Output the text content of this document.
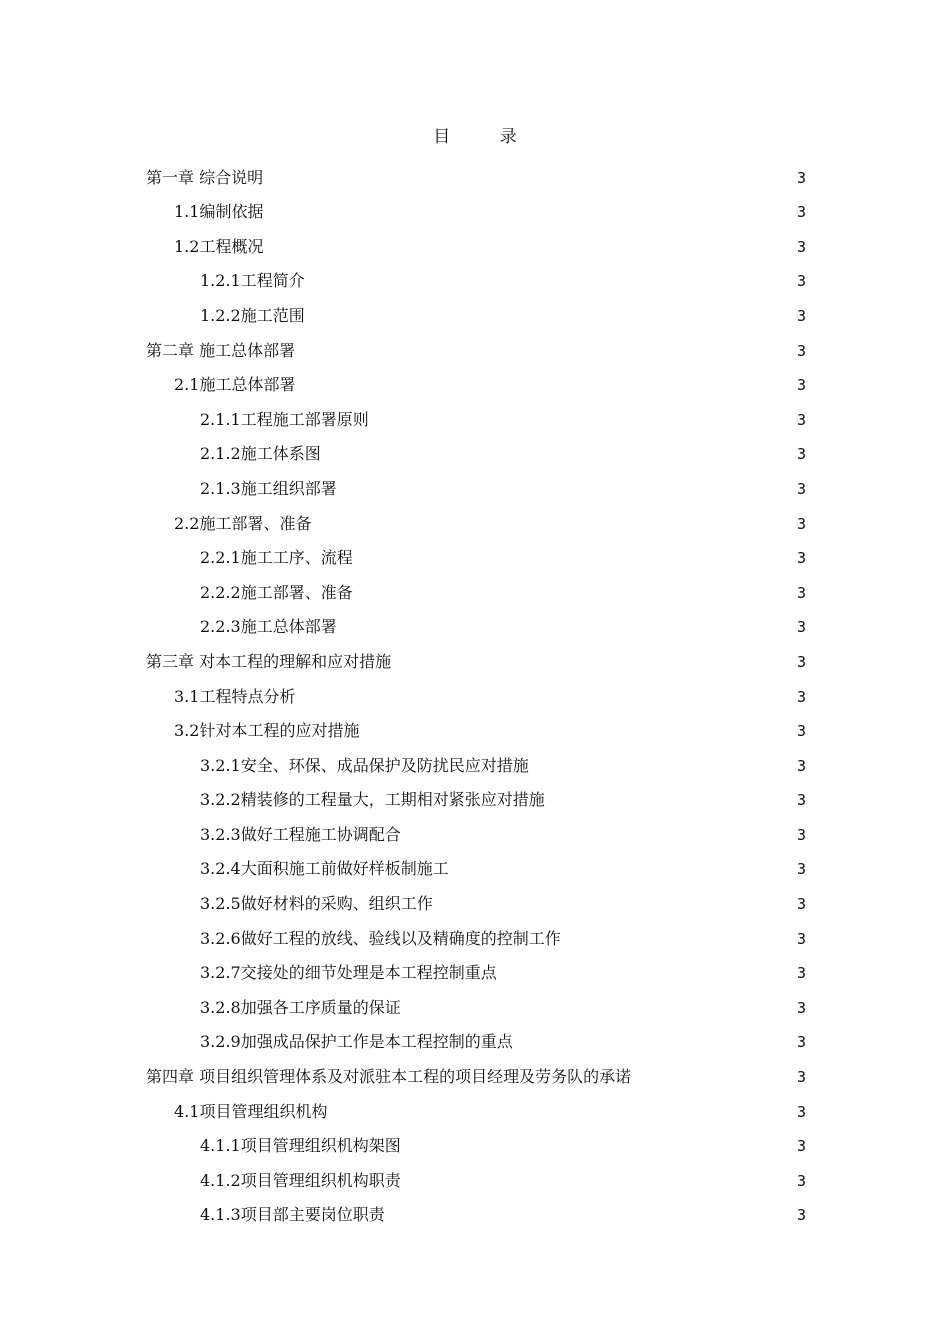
目 录
第一章 综合说明	3
1.1编制依据	3
1.2工程概况	3
1.2.1工程简介	3
1.2.2施工范围	3
第二章 施工总体部署	3
2.1施工总体部署	3
2.1.1工程施工部署原则	3
2.1.2施工体系图	3
2.1.3施工组织部署	3
2.2施工部署、准备	3
2.2.1施工工序、流程	3
2.2.2施工部署、准备	3
2.2.3施工总体部署	3
第三章 对本工程的理解和应对措施	3
3.1工程特点分析	3
3.2针对本工程的应对措施	3
3.2.1安全、环保、成品保护及防扰民应对措施	3
3.2.2精装修的工程量大，工期相对紧张应对措施	3
3.2.3做好工程施工协调配合	3
3.2.4大面积施工前做好样板制施工	3
3.2.5做好材料的采购、组织工作	3
3.2.6做好工程的放线、验线以及精确度的控制工作	3
3.2.7交接处的细节处理是本工程控制重点	3
3.2.8加强各工序质量的保证	3
3.2.9加强成品保护工作是本工程控制的重点	3
第四章 项目组织管理体系及对派驻本工程的项目经理及劳务队的承诺	3
4.1项目管理组织机构	3
4.1.1项目管理组织机构架图	3
4.1.2项目管理组织机构职责	3
4.1.3项目部主要岗位职责	3
